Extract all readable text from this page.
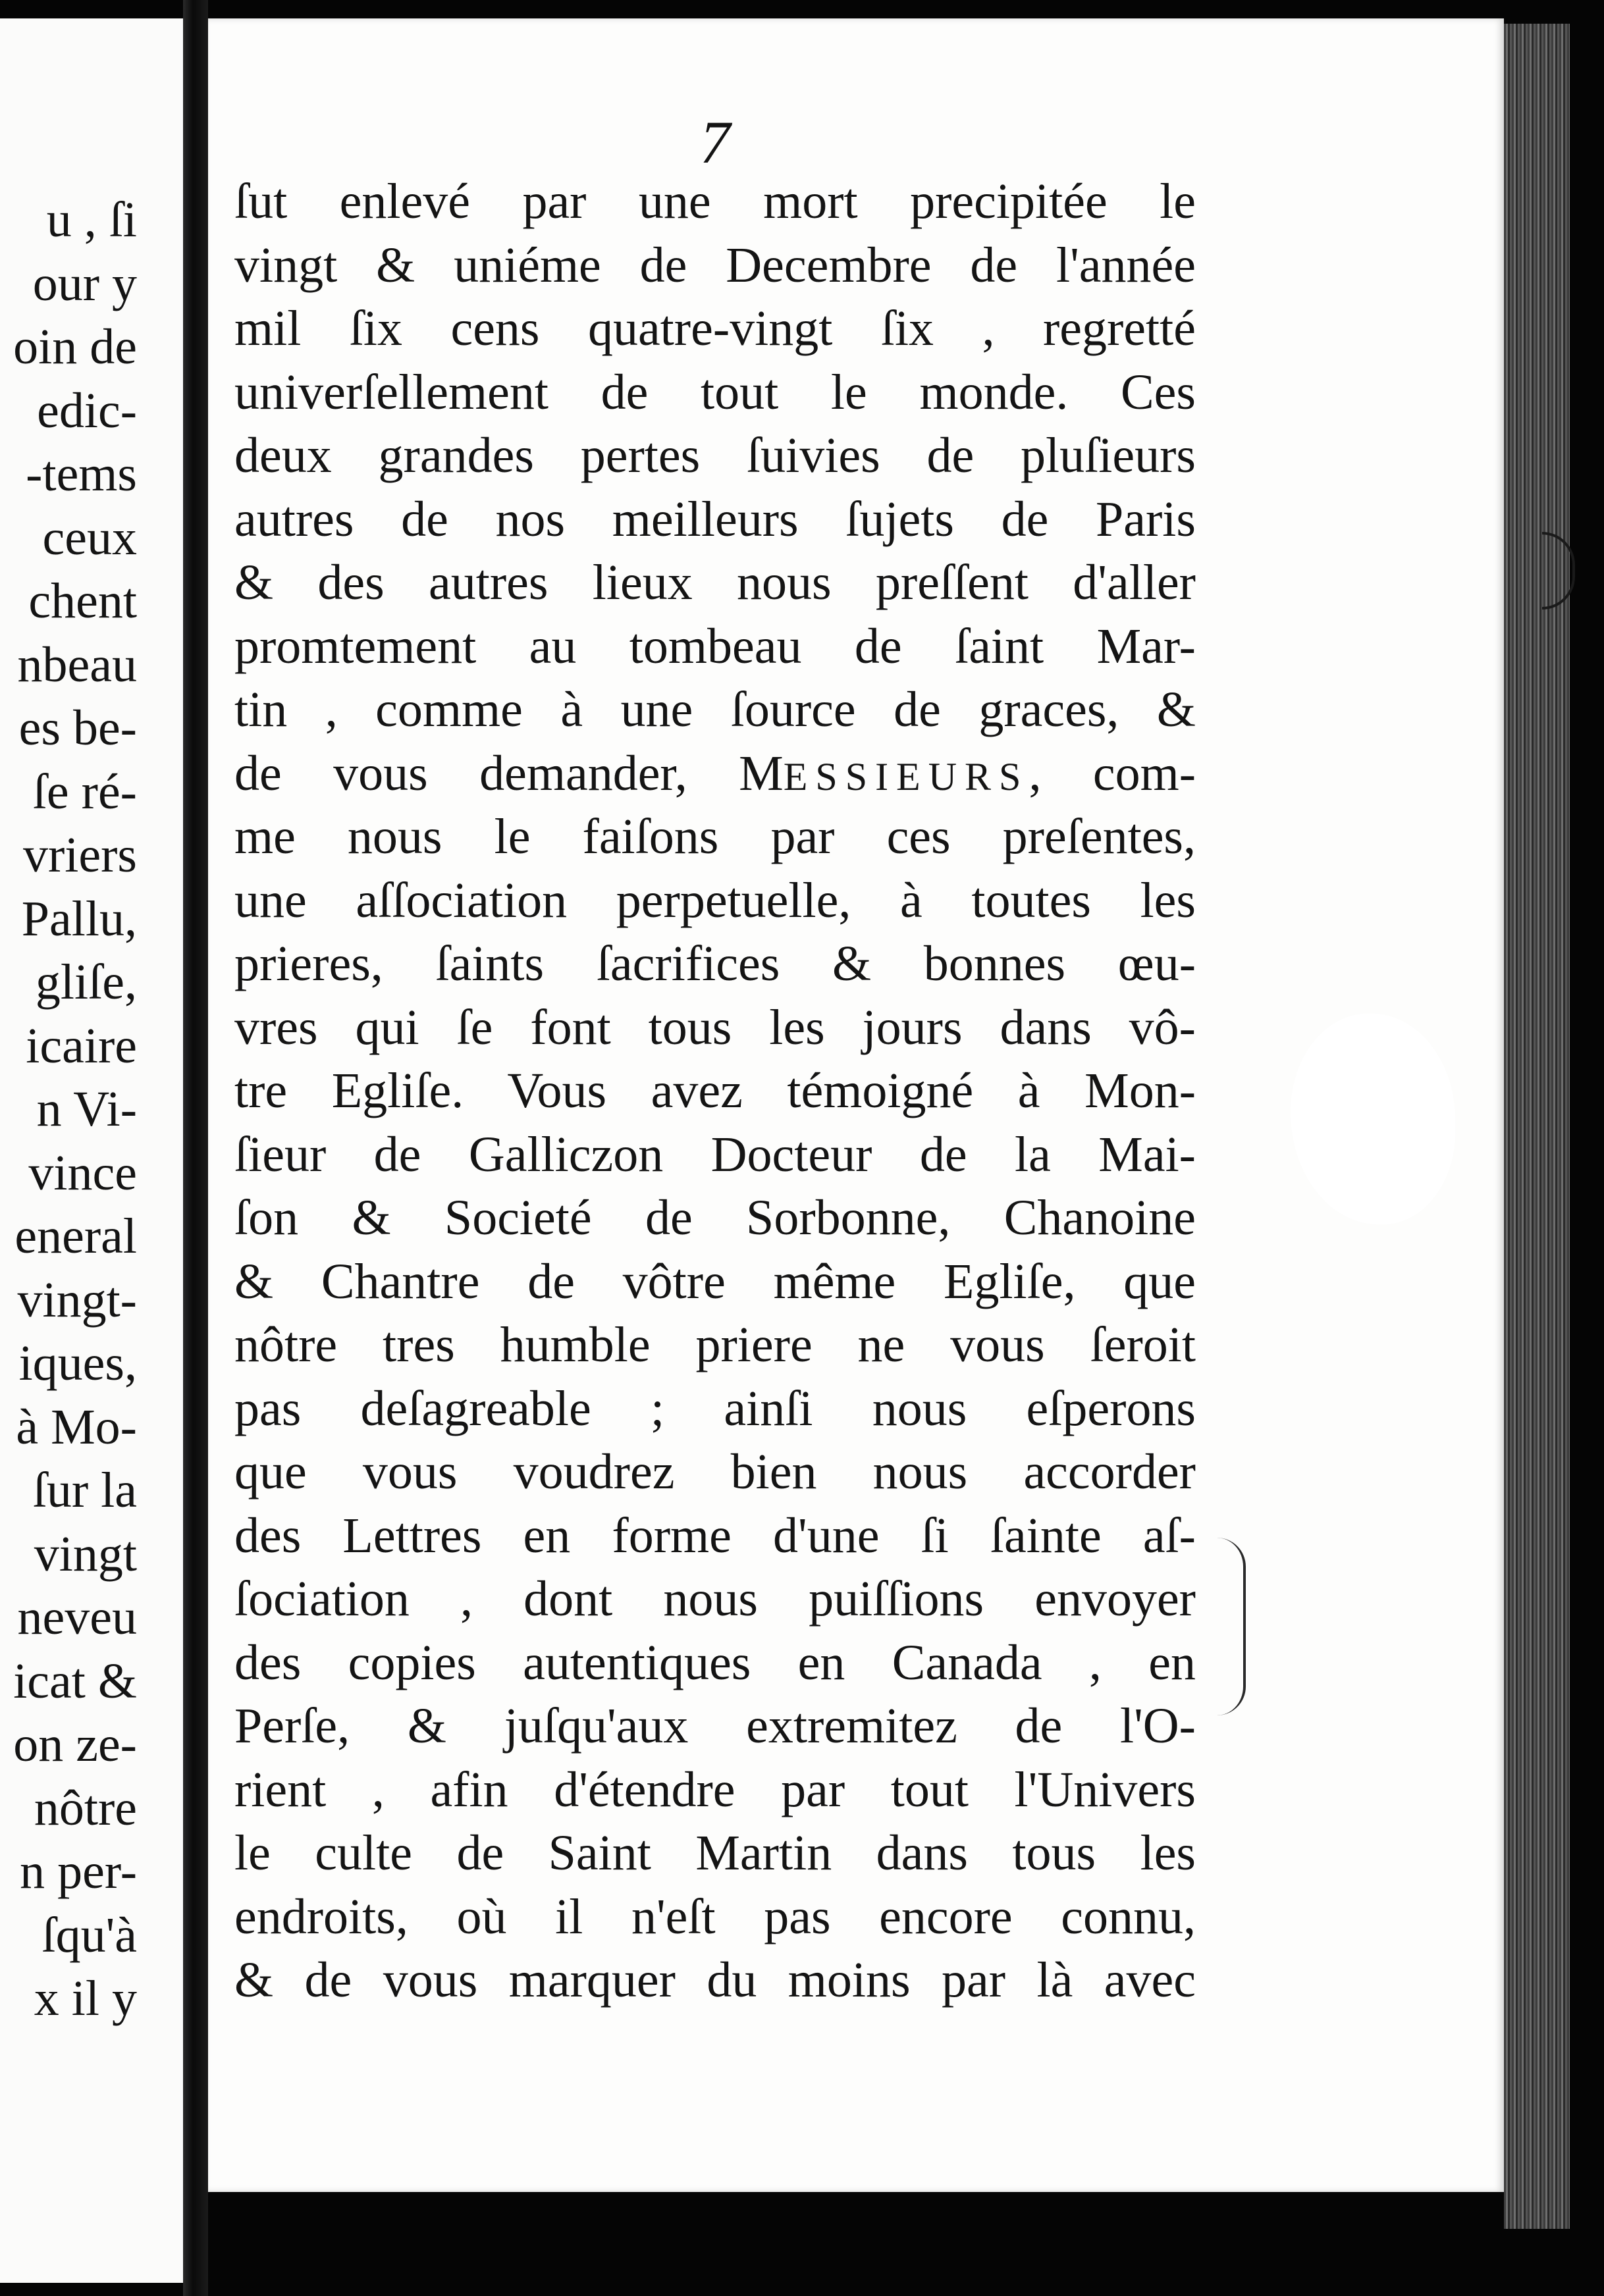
u , ſi
our y
oin de
edic-
-tems
ceux
chent
nbeau
es be-
ſe ré-
vriers
Pallu,
gliſe,
icaire
n Vi-
vince
eneral
vingt-
iques,
à Mo-
ſur la
vingt
neveu
icat &
on ze-
nôtre
n per-
ſqu'à
x il y
7
ſut enlevé par une mort precipitée le
vingt & uniéme de Decembre de l'année
mil ſix cens quatre-vingt ſix , regretté
univerſellement de tout le monde. Ces
deux grandes pertes ſuivies de pluſieurs
autres de nos meilleurs ſujets de Paris
& des autres lieux nous preſſent d'aller
promtement au tombeau de ſaint Mar-
tin , comme à une ſource de graces, &
de vous demander, MESSIEURS, com-
me nous le faiſons par ces preſentes,
une aſſociation perpetuelle, à toutes les
prieres, ſaints ſacrifices & bonnes œu-
vres qui ſe font tous les jours dans vô-
tre Egliſe. Vous avez témoigné à Mon-
ſieur de Galliczon Docteur de la Mai-
ſon & Societé de Sorbonne, Chanoine
& Chantre de vôtre même Egliſe, que
nôtre tres humble priere ne vous ſeroit
pas deſagreable ; ainſi nous eſperons
que vous voudrez bien nous accorder
des Lettres en forme d'une ſi ſainte aſ-
ſociation , dont nous puiſſions envoyer
des copies autentiques en Canada , en
Perſe, & juſqu'aux extremitez de l'O-
rient , afin d'étendre par tout l'Univers
le culte de Saint Martin dans tous les
endroits, où il n'eſt pas encore connu,
& de vous marquer du moins par là avec
